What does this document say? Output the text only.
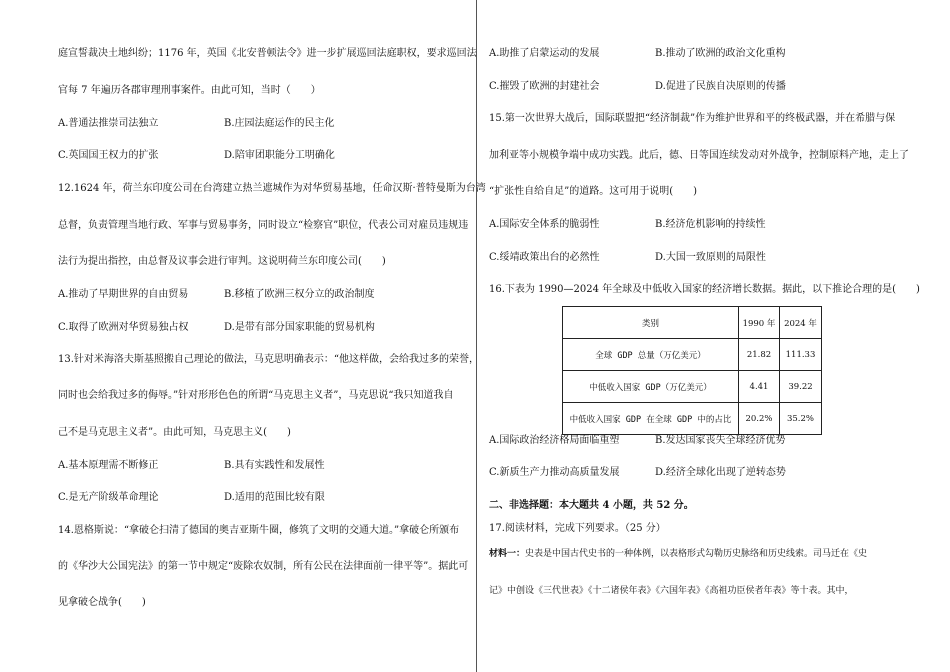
庭宣誓裁决土地纠纷；1176 年，英国《北安普顿法令》进一步扩展巡回法庭职权，要求巡回法
官每 7 年遍历各郡审理刑事案件。由此可知，当时（　　）
A.普通法推崇司法独立	B.庄园法庭运作的民主化
C.英国国王权力的扩张	D.陪审团职能分工明确化
12.1624 年，荷兰东印度公司在台湾建立热兰遮城作为对华贸易基地，任命汉斯·普特曼斯为台湾
总督，负责管理当地行政、军事与贸易事务，同时设立“检察官”职位，代表公司对雇员违规违
法行为提出指控，由总督及议事会进行审判。这说明荷兰东印度公司(　　)
A.推动了早期世界的自由贸易	B.移植了欧洲三权分立的政治制度
C.取得了欧洲对华贸易独占权	D.是带有部分国家职能的贸易机构
13.针对米海洛夫斯基照搬自己理论的做法，马克思明确表示：“他这样做，会给我过多的荣誉，
同时也会给我过多的侮辱。”针对形形色色的所谓“马克思主义者”，马克思说“我只知道我自
己不是马克思主义者”。由此可知，马克思主义(　　)
A.基本原理需不断修正	B.具有实践性和发展性
C.是无产阶级革命理论	D.适用的范围比较有限
14.恩格斯说：“拿破仑扫清了德国的奥吉亚斯牛圈，修筑了文明的交通大道。”拿破仑所颁布
的《华沙大公国宪法》的第一节中规定“废除农奴制，所有公民在法律面前一律平等”。据此可
见拿破仑战争(　　)
A.助推了启蒙运动的发展	B.推动了欧洲的政治文化重构
C.摧毁了欧洲的封建社会	D.促进了民族自决原则的传播
15.第一次世界大战后，国际联盟把“经济制裁”作为维护世界和平的终极武器，并在希腊与保
加利亚等小规模争端中成功实践。此后，德、日等国连续发动对外战争，控制原料产地，走上了
“扩张性自给自足”的道路。这可用于说明(　　)
A.国际安全体系的脆弱性	B.经济危机影响的持续性
C.绥靖政策出台的必然性	D.大国一致原则的局限性
16.下表为 1990—2024 年全球及中低收入国家的经济增长数据。据此，以下推论合理的是(　　)
类别	1990 年	2024 年
全球 GDP 总量（万亿美元）	21.82	111.33
中低收入国家 GDP（万亿美元）	4.41	39.22
中低收入国家 GDP 在全球 GDP 中的占比	20.2%	35.2%
A.国际政治经济格局面临重塑	B.发达国家丧失全球经济优势
C.新质生产力推动高质量发展	D.经济全球化出现了逆转态势
二、非选择题：本大题共 4 小题，共 52 分。
17.阅读材料，完成下列要求。（25 分）
材料一：史表是中国古代史书的一种体例，以表格形式勾勒历史脉络和历史线索。司马迁在《史
记》中创设《三代世表》《十二诸侯年表》《六国年表》《高祖功臣侯者年表》等十表。其中，
